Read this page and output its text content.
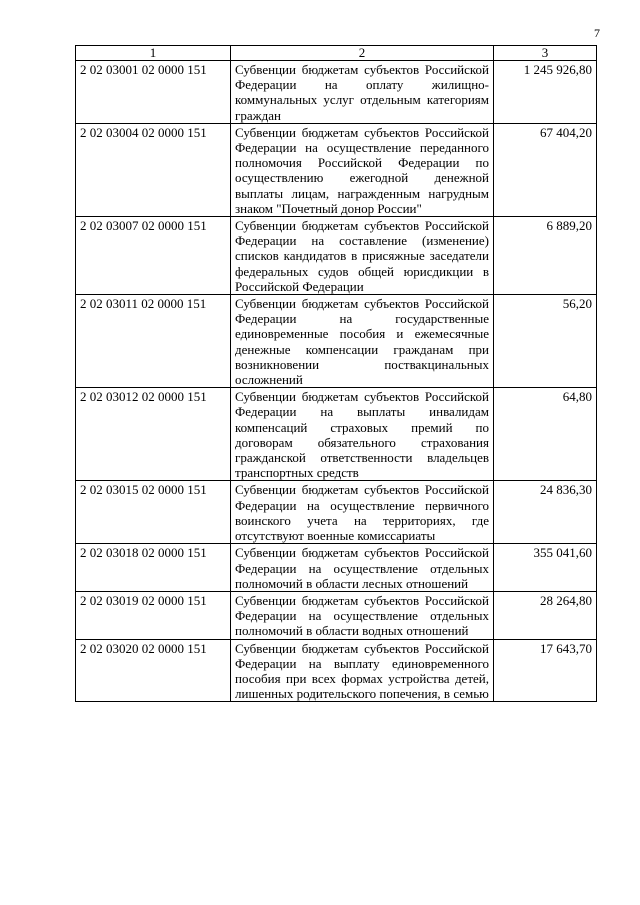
7
1	2	3
2 02 03001 02 0000 151	Субвенции бюджетам субъектов Российской Федерации на оплату жилищно-коммунальных услуг отдельным категориям граждан	1 245 926,80
2 02 03004 02 0000 151	Субвенции бюджетам субъектов Российской Федерации на осуществление переданного полномочия Российской Федерации по осуществлению ежегодной денежной выплаты лицам, награжденным нагрудным знаком "Почетный донор России"	67 404,20
2 02 03007 02 0000 151	Субвенции бюджетам субъектов Российской Федерации на составление (изменение) списков кандидатов в присяжные заседатели федеральных судов общей юрисдикции в Российской Федерации	6 889,20
2 02 03011 02 0000 151	Субвенции бюджетам субъектов Российской Федерации на государственные единовременные пособия и ежемесячные денежные компенсации гражданам при возникновении поствакцинальных осложнений	56,20
2 02 03012 02 0000 151	Субвенции бюджетам субъектов Российской Федерации на выплаты инвалидам компенсаций страховых премий по договорам обязательного страхования гражданской ответственности владельцев транспортных средств	64,80
2 02 03015 02 0000 151	Субвенции бюджетам субъектов Российской Федерации на осуществление первичного воинского учета на территориях, где отсутствуют военные комиссариаты	24 836,30
2 02 03018 02 0000 151	Субвенции бюджетам субъектов Российской Федерации на осуществление отдельных полномочий в области лесных отношений	355 041,60
2 02 03019 02 0000 151	Субвенции бюджетам субъектов Российской Федерации на осуществление отдельных полномочий в области водных отношений	28 264,80
2 02 03020 02 0000 151	Субвенции бюджетам субъектов Российской Федерации на выплату единовременного пособия при всех формах устройства детей, лишенных родительского попечения, в семью	17 643,70
